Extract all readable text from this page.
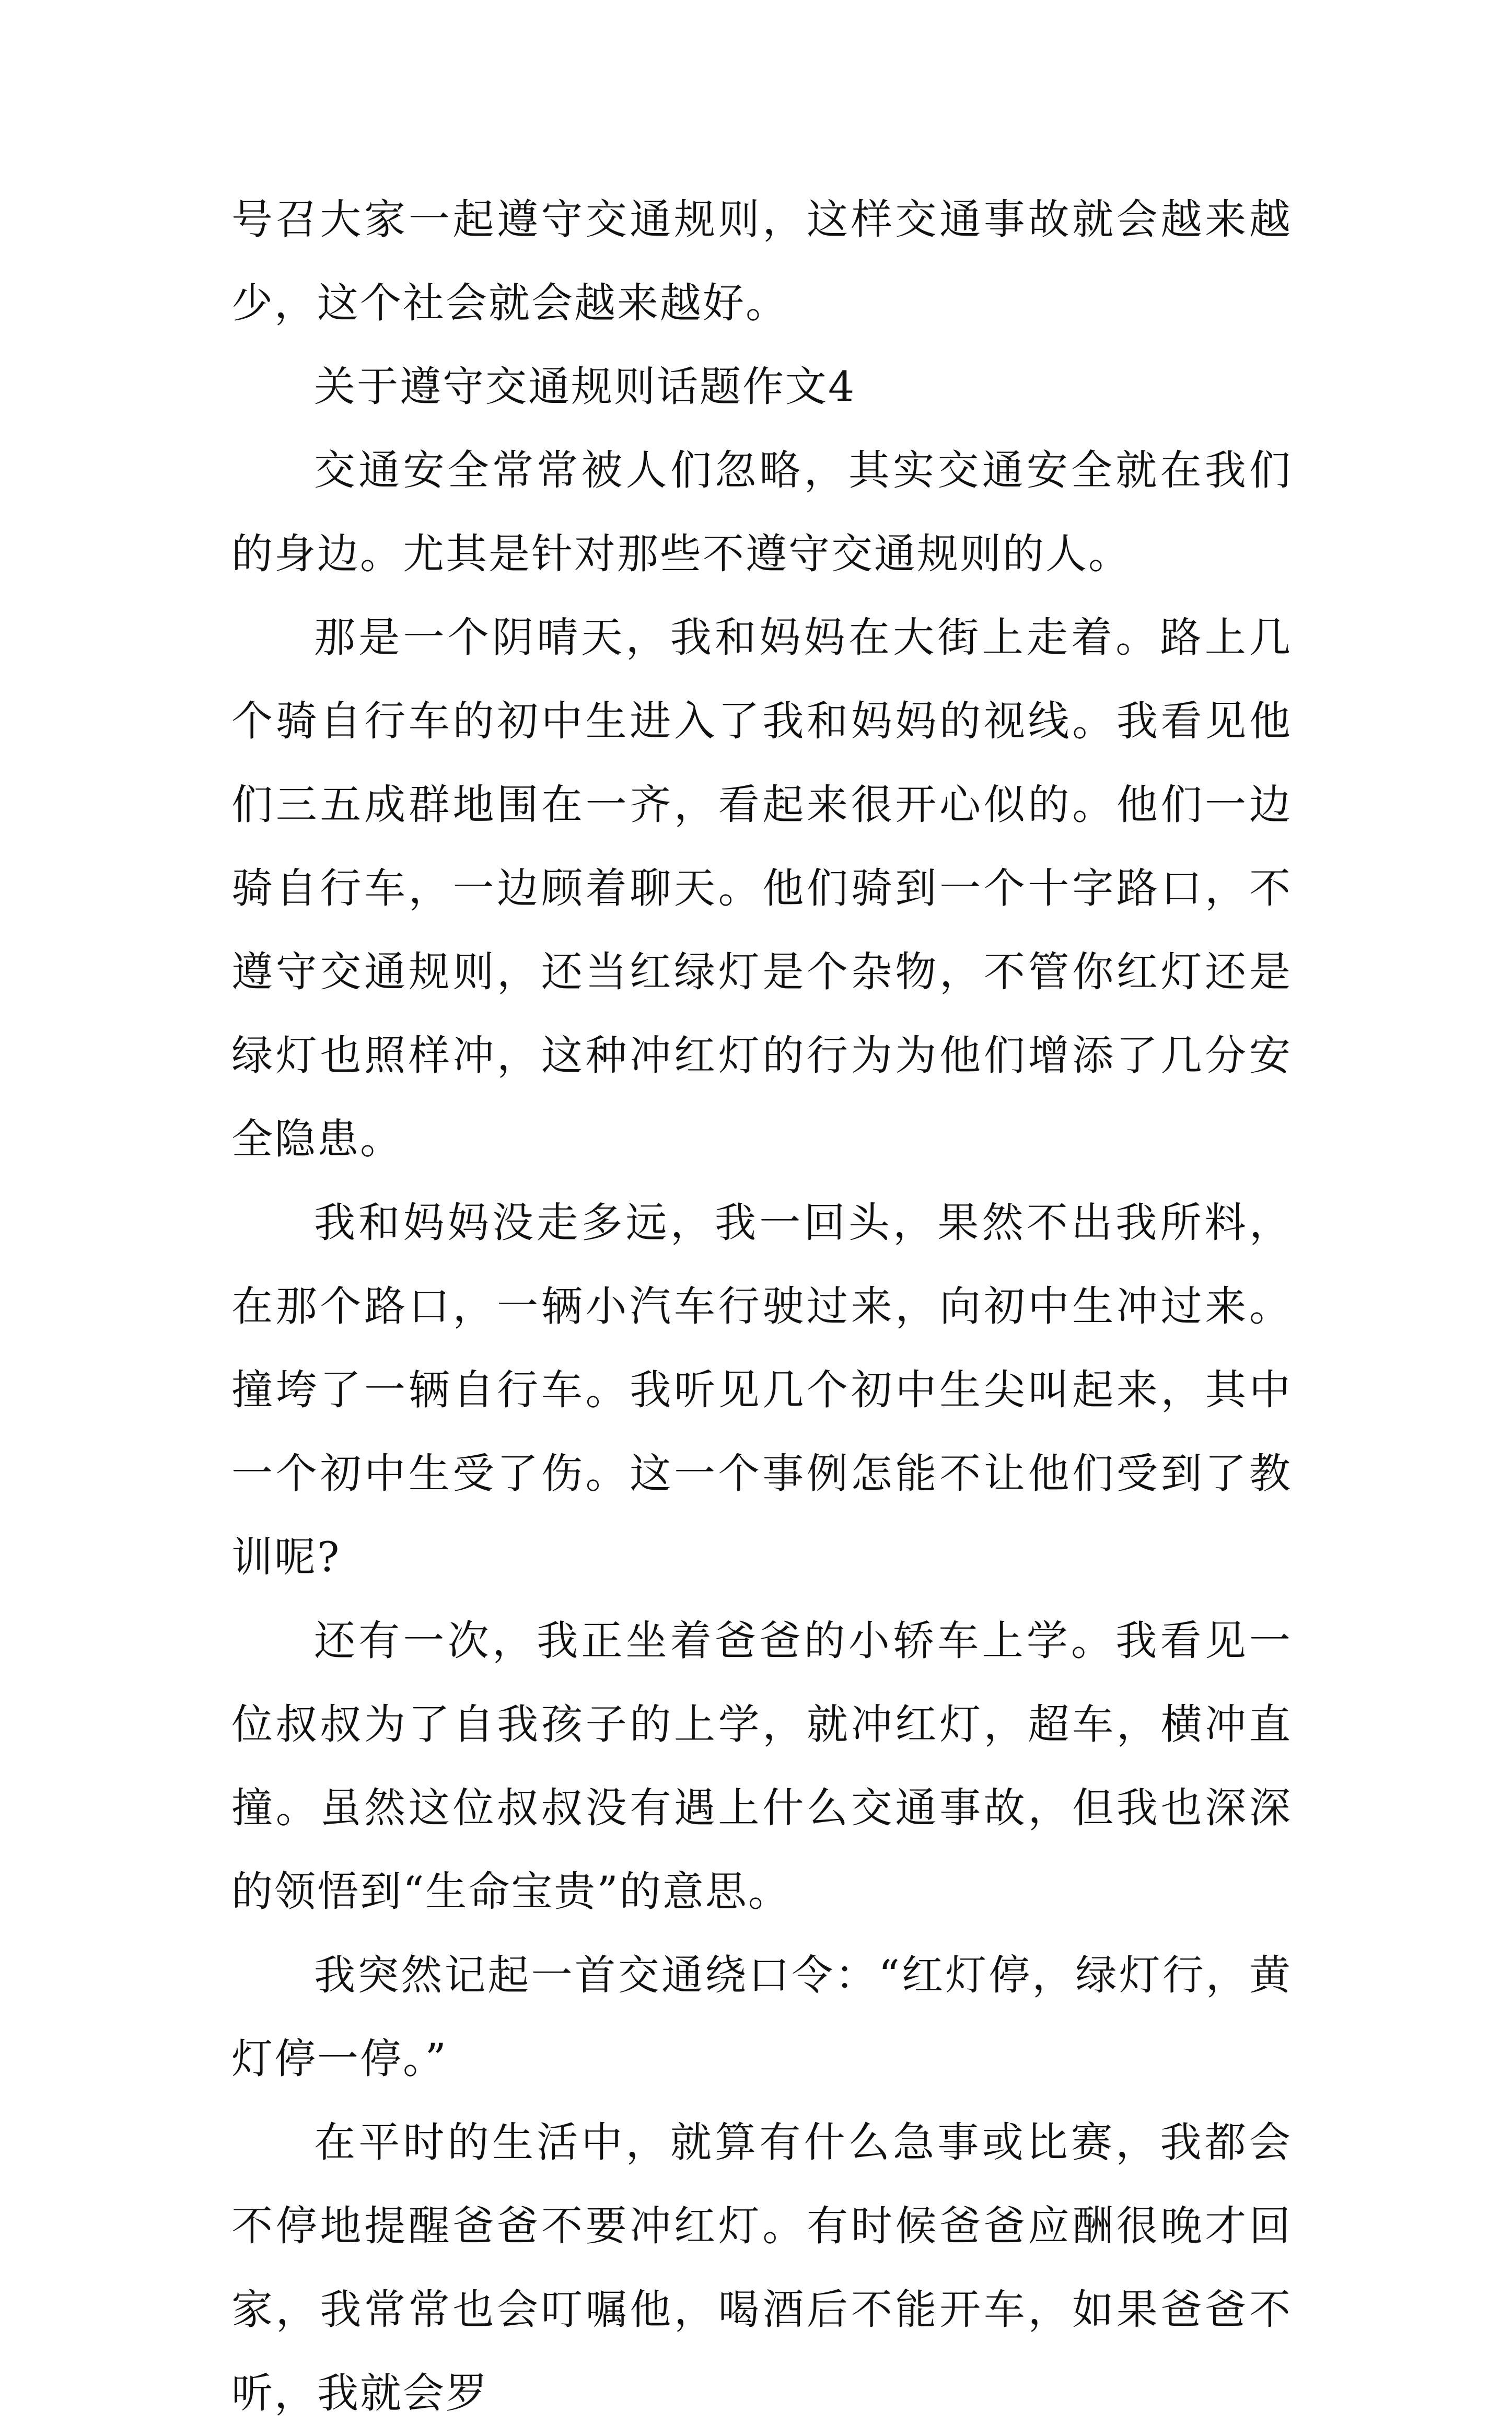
号召大家一起遵守交通规则，这样交通事故就会越来越少，这个社会就会越来越好。

关于遵守交通规则话题作文4

交通安全常常被人们忽略，其实交通安全就在我们的身边。尤其是针对那些不遵守交通规则的人。

那是一个阴晴天，我和妈妈在大街上走着。路上几个骑自行车的初中生进入了我和妈妈的视线。我看见他们三五成群地围在一齐，看起来很开心似的。他们一边骑自行车，一边顾着聊天。他们骑到一个十字路口，不遵守交通规则，还当红绿灯是个杂物，不管你红灯还是绿灯也照样冲，这种冲红灯的行为为他们增添了几分安全隐患。

我和妈妈没走多远，我一回头，果然不出我所料，在那个路口，一辆小汽车行驶过来，向初中生冲过来。撞垮了一辆自行车。我听见几个初中生尖叫起来，其中一个初中生受了伤。这一个事例怎能不让他们受到了教训呢?

还有一次，我正坐着爸爸的小轿车上学。我看见一位叔叔为了自我孩子的上学，就冲红灯，超车，横冲直撞。虽然这位叔叔没有遇上什么交通事故，但我也深深的领悟到“生命宝贵”的意思。

我突然记起一首交通绕口令：“红灯停，绿灯行，黄灯停一停。”

在平时的生活中，就算有什么急事或比赛，我都会不停地提醒爸爸不要冲红灯。有时候爸爸应酬很晚才回家，我常常也会叮嘱他，喝酒后不能开车，如果爸爸不听，我就会罗
